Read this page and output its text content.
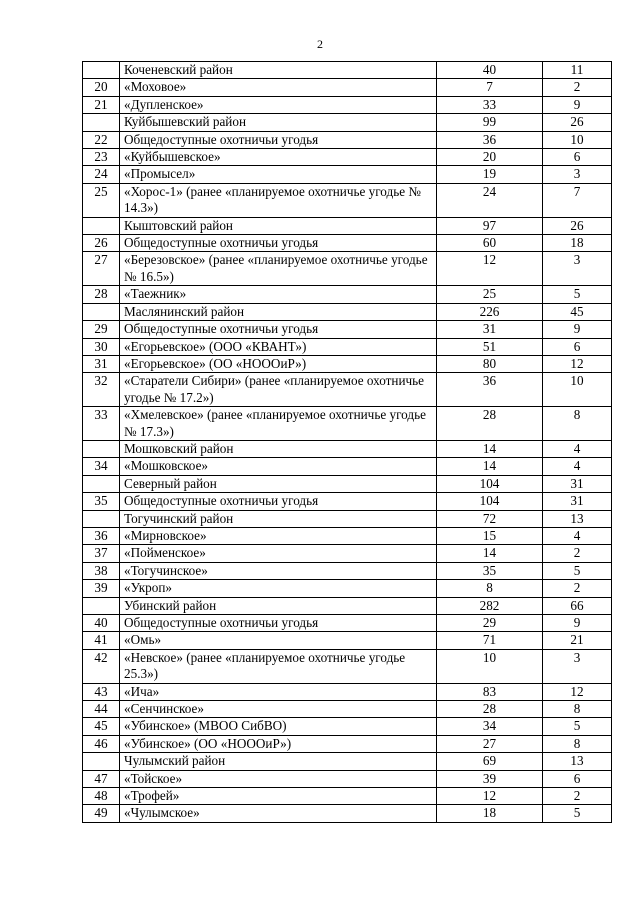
2
	Коченевский район	40	11
20	«Моховое»	7	2
21	«Дупленское»	33	9
	Куйбышевский район	99	26
22	Общедоступные охотничьи угодья	36	10
23	«Куйбышевское»	20	6
24	«Промысел»	19	3
25	«Хорос-1» (ранее «планируемое охотничье угодье № 14.3»)	24	7
	Кыштовский район	97	26
26	Общедоступные охотничьи угодья	60	18
27	«Березовское» (ранее «планируемое охотничье угодье № 16.5»)	12	3
28	«Таежник»	25	5
	Маслянинский район	226	45
29	Общедоступные охотничьи угодья	31	9
30	«Егорьевское» (ООО «КВАНТ»)	51	6
31	«Егорьевское» (ОО «НОООиР»)	80	12
32	«Старатели Сибири» (ранее «планируемое охотничье угодье № 17.2»)	36	10
33	«Хмелевское» (ранее «планируемое охотничье угодье № 17.3»)	28	8
	Мошковский район	14	4
34	«Мошковское»	14	4
	Северный район	104	31
35	Общедоступные охотничьи угодья	104	31
	Тогучинский район	72	13
36	«Мирновское»	15	4
37	«Пойменское»	14	2
38	«Тогучинское»	35	5
39	«Укроп»	8	2
	Убинский район	282	66
40	Общедоступные охотничьи угодья	29	9
41	«Омь»	71	21
42	«Невское» (ранее «планируемое охотничье угодье 25.3»)	10	3
43	«Ича»	83	12
44	«Сенчинское»	28	8
45	«Убинское» (МВОО СибВО)	34	5
46	«Убинское» (ОО «НОООиР»)	27	8
	Чулымский район	69	13
47	«Тойское»	39	6
48	«Трофей»	12	2
49	«Чулымское»	18	5
